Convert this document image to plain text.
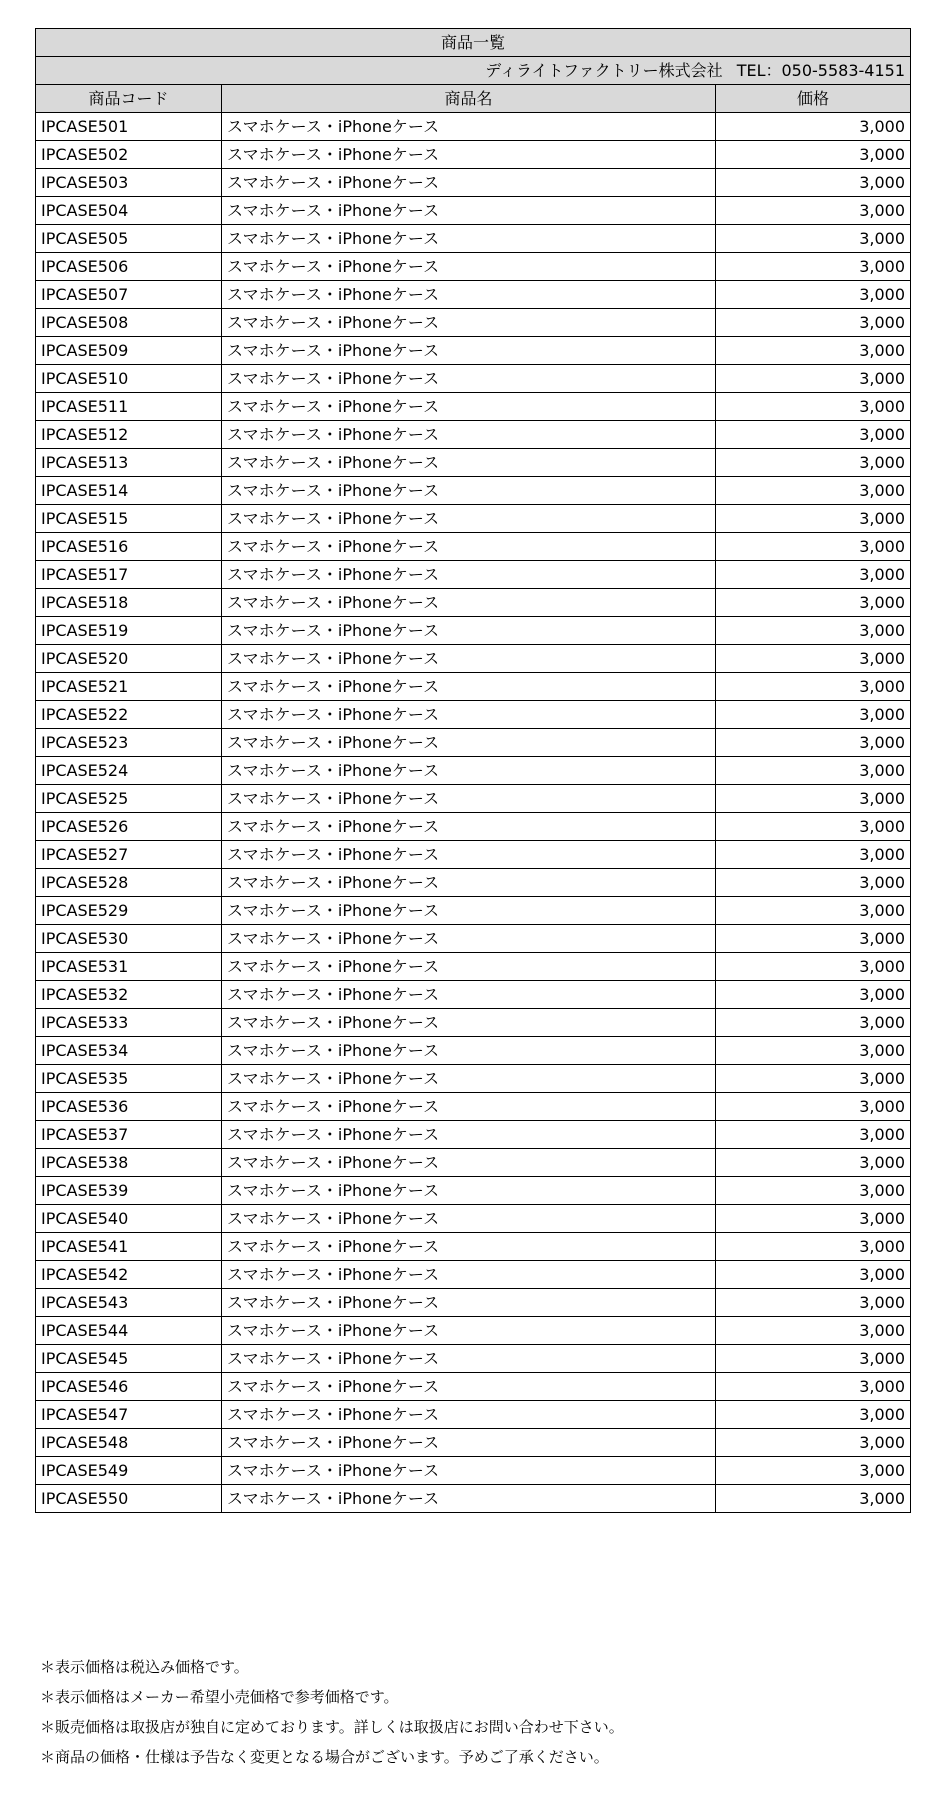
商品一覧		
ディライトファクトリー株式会社 TEL：050-5583-4151		
商品コード	商品名	価格
IPCASE501	スマホケース・iPhoneケース	3,000
IPCASE502	スマホケース・iPhoneケース	3,000
IPCASE503	スマホケース・iPhoneケース	3,000
IPCASE504	スマホケース・iPhoneケース	3,000
IPCASE505	スマホケース・iPhoneケース	3,000
IPCASE506	スマホケース・iPhoneケース	3,000
IPCASE507	スマホケース・iPhoneケース	3,000
IPCASE508	スマホケース・iPhoneケース	3,000
IPCASE509	スマホケース・iPhoneケース	3,000
IPCASE510	スマホケース・iPhoneケース	3,000
IPCASE511	スマホケース・iPhoneケース	3,000
IPCASE512	スマホケース・iPhoneケース	3,000
IPCASE513	スマホケース・iPhoneケース	3,000
IPCASE514	スマホケース・iPhoneケース	3,000
IPCASE515	スマホケース・iPhoneケース	3,000
IPCASE516	スマホケース・iPhoneケース	3,000
IPCASE517	スマホケース・iPhoneケース	3,000
IPCASE518	スマホケース・iPhoneケース	3,000
IPCASE519	スマホケース・iPhoneケース	3,000
IPCASE520	スマホケース・iPhoneケース	3,000
IPCASE521	スマホケース・iPhoneケース	3,000
IPCASE522	スマホケース・iPhoneケース	3,000
IPCASE523	スマホケース・iPhoneケース	3,000
IPCASE524	スマホケース・iPhoneケース	3,000
IPCASE525	スマホケース・iPhoneケース	3,000
IPCASE526	スマホケース・iPhoneケース	3,000
IPCASE527	スマホケース・iPhoneケース	3,000
IPCASE528	スマホケース・iPhoneケース	3,000
IPCASE529	スマホケース・iPhoneケース	3,000
IPCASE530	スマホケース・iPhoneケース	3,000
IPCASE531	スマホケース・iPhoneケース	3,000
IPCASE532	スマホケース・iPhoneケース	3,000
IPCASE533	スマホケース・iPhoneケース	3,000
IPCASE534	スマホケース・iPhoneケース	3,000
IPCASE535	スマホケース・iPhoneケース	3,000
IPCASE536	スマホケース・iPhoneケース	3,000
IPCASE537	スマホケース・iPhoneケース	3,000
IPCASE538	スマホケース・iPhoneケース	3,000
IPCASE539	スマホケース・iPhoneケース	3,000
IPCASE540	スマホケース・iPhoneケース	3,000
IPCASE541	スマホケース・iPhoneケース	3,000
IPCASE542	スマホケース・iPhoneケース	3,000
IPCASE543	スマホケース・iPhoneケース	3,000
IPCASE544	スマホケース・iPhoneケース	3,000
IPCASE545	スマホケース・iPhoneケース	3,000
IPCASE546	スマホケース・iPhoneケース	3,000
IPCASE547	スマホケース・iPhoneケース	3,000
IPCASE548	スマホケース・iPhoneケース	3,000
IPCASE549	スマホケース・iPhoneケース	3,000
IPCASE550	スマホケース・iPhoneケース	3,000
＊表示価格は税込み価格です。
＊表示価格はメーカー希望小売価格で参考価格です。
＊販売価格は取扱店が独自に定めております。詳しくは取扱店にお問い合わせ下さい。
＊商品の価格・仕様は予告なく変更となる場合がございます。予めご了承ください。
